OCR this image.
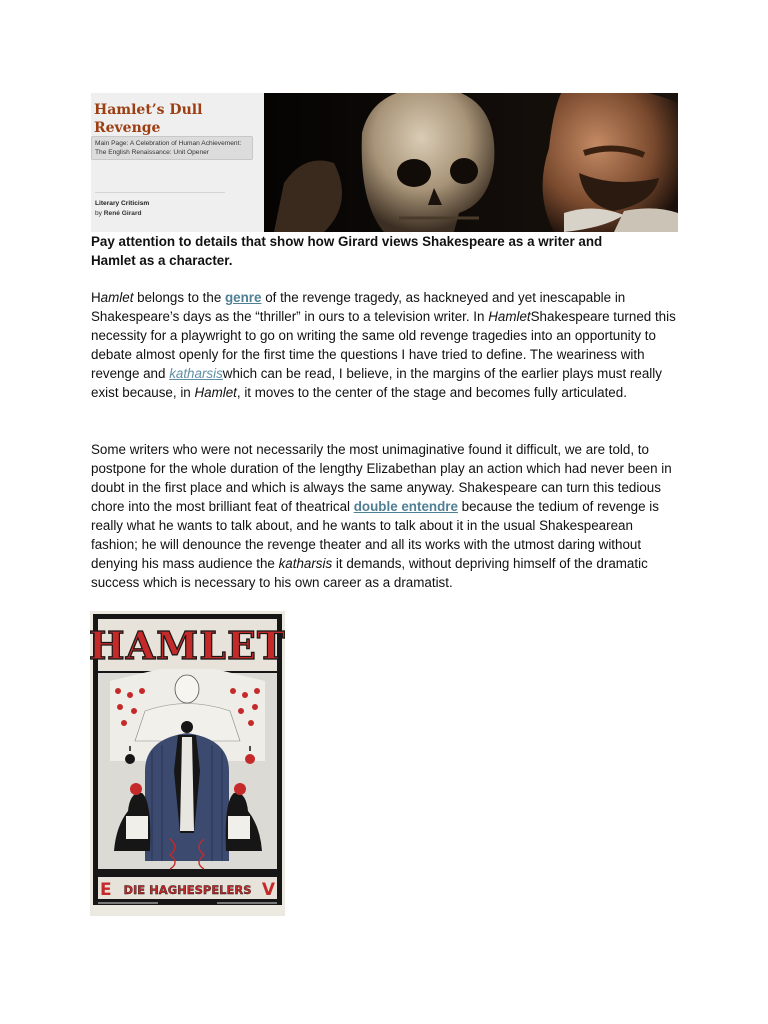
Hamlet’s Dull
Revenge
Main Page: A Celebration of Human Achievement: The English Renaissance: Unit Opener
Literary Criticism
by René Girard
Pay attention to details that show how Girard views Shakespeare as a writer and
Hamlet as a character.

Hamlet belongs to the genre of the revenge tragedy, as hackneyed and yet inescapable in Shakespeare’s days as the “thriller” in ours to a television writer. In HamletShakespeare turned this necessity for a playwright to go on writing the same old revenge tragedies into an opportunity to debate almost openly for the first time the questions I have tried to define. The weariness with revenge and katharsiswhich can be read, I believe, in the margins of the earlier plays must really exist because, in Hamlet, it moves to the center of the stage and becomes fully articulated.

Some writers who were not necessarily the most unimaginative found it difficult, we are told, to postpone for the whole duration of the lengthy Elizabethan play an action which had never been in doubt in the first place and which is always the same anyway. Shakespeare can turn this tedious chore into the most brilliant feat of theatrical double entendre because the tedium of revenge is really what he wants to talk about, and he wants to talk about it in the usual Shakespearean fashion; he will denounce the revenge theater and all its works with the utmost daring without denying his mass audience the katharsis it demands, without depriving himself of the dramatic success which is necessary to his own career as a dramatist.

HAMLET
E DIE HAGHESPELERS V
